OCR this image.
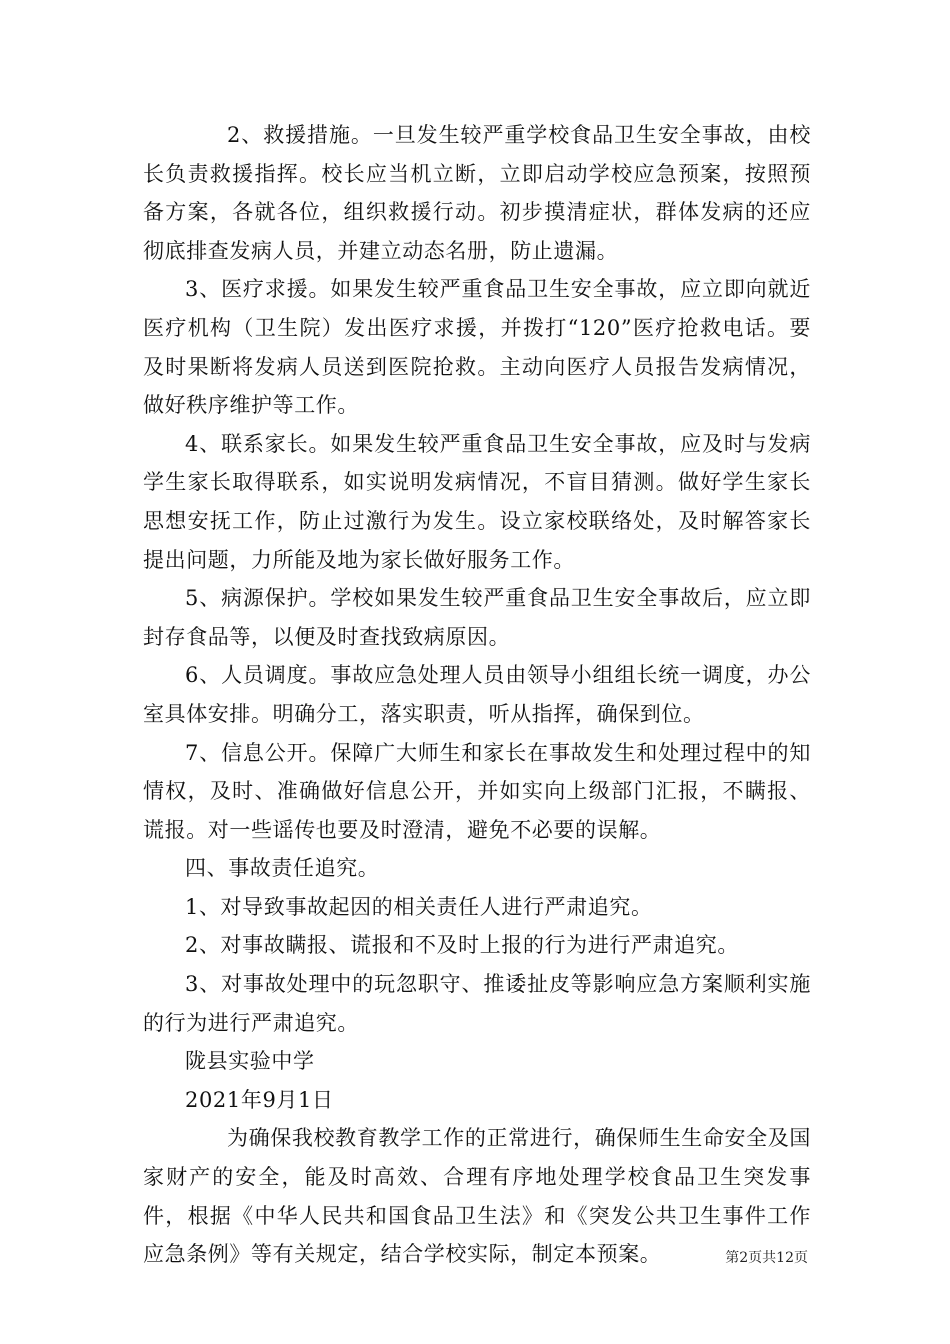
2、救援措施。一旦发生较严重学校食品卫生安全事故，由校长负责救援指挥。校长应当机立断，立即启动学校应急预案，按照预备方案，各就各位，组织救援行动。初步摸清症状，群体发病的还应彻底排查发病人员，并建立动态名册，防止遗漏。

3、医疗求援。如果发生较严重食品卫生安全事故，应立即向就近医疗机构（卫生院）发出医疗求援，并拨打“120”医疗抢救电话。要及时果断将发病人员送到医院抢救。主动向医疗人员报告发病情况，做好秩序维护等工作。

4、联系家长。如果发生较严重食品卫生安全事故，应及时与发病学生家长取得联系，如实说明发病情况，不盲目猜测。做好学生家长思想安抚工作，防止过激行为发生。设立家校联络处，及时解答家长提出问题，力所能及地为家长做好服务工作。

5、病源保护。学校如果发生较严重食品卫生安全事故后，应立即封存食品等，以便及时查找致病原因。

6、人员调度。事故应急处理人员由领导小组组长统一调度，办公室具体安排。明确分工，落实职责，听从指挥，确保到位。

7、信息公开。保障广大师生和家长在事故发生和处理过程中的知情权，及时、准确做好信息公开，并如实向上级部门汇报，不瞒报、谎报。对一些谣传也要及时澄清，避免不必要的误解。

四、事故责任追究。

1、对导致事故起因的相关责任人进行严肃追究。

2、对事故瞒报、谎报和不及时上报的行为进行严肃追究。

3、对事故处理中的玩忽职守、推诿扯皮等影响应急方案顺利实施的行为进行严肃追究。

陇县实验中学

2021年9月1日

为确保我校教育教学工作的正常进行，确保师生生命安全及国家财产的安全，能及时高效、合理有序地处理学校食品卫生突发事件，根据《中华人民共和国食品卫生法》和《突发公共卫生事件工作应急条例》等有关规定，结合学校实际，制定本预案。	第2页共12页
